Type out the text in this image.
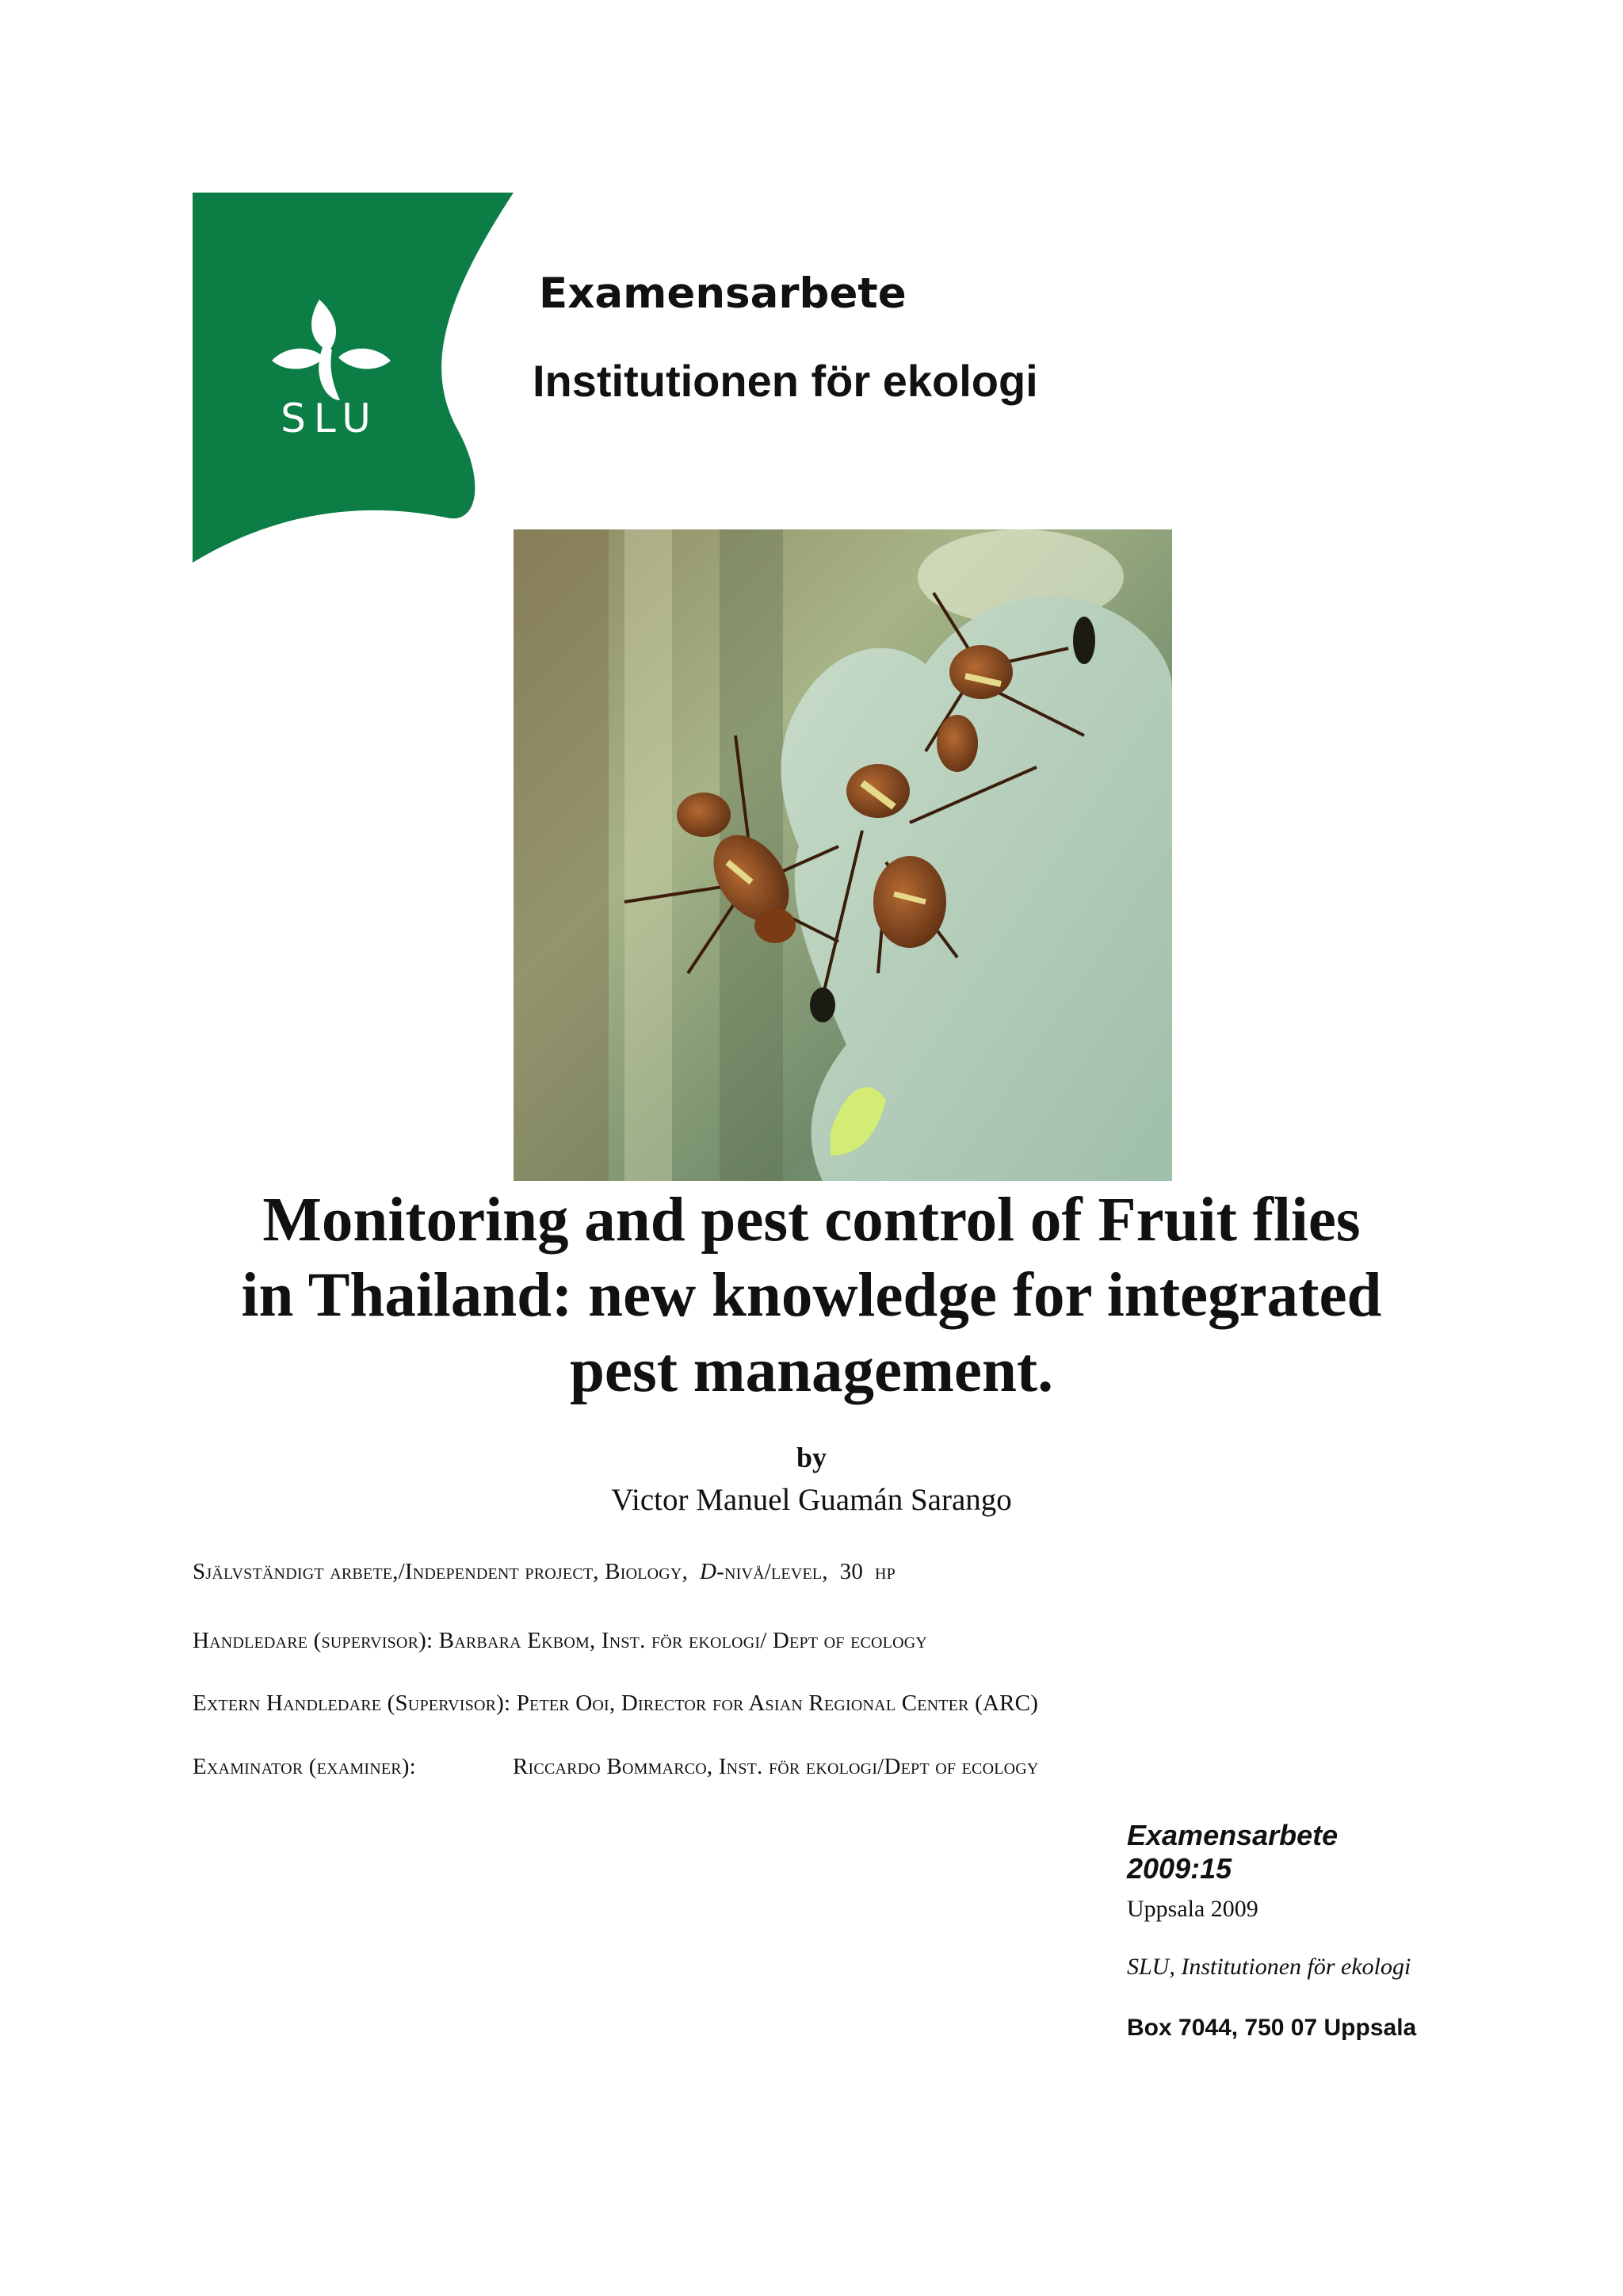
SLU
Examensarbete
Institutionen för ekologi
Monitoring and pest control of Fruit flies
in Thailand: new knowledge for integrated
pest management.
by
Victor Manuel Guamán Sarango
Självständigt arbete,/Independent project, Biology, D-nivå/level, 30 hp
Handledare (supervisor): Barbara Ekbom, Inst. för ekologi/ Dept of ecology
Extern Handledare (Supervisor): Peter Ooi, Director for Asian Regional Center (ARC)
Examinator (examiner):	Riccardo Bommarco, Inst. för ekologi/Dept of ecology
Examensarbete
2009:15
Uppsala 2009
SLU, Institutionen för ekologi
Box 7044, 750 07 Uppsala
